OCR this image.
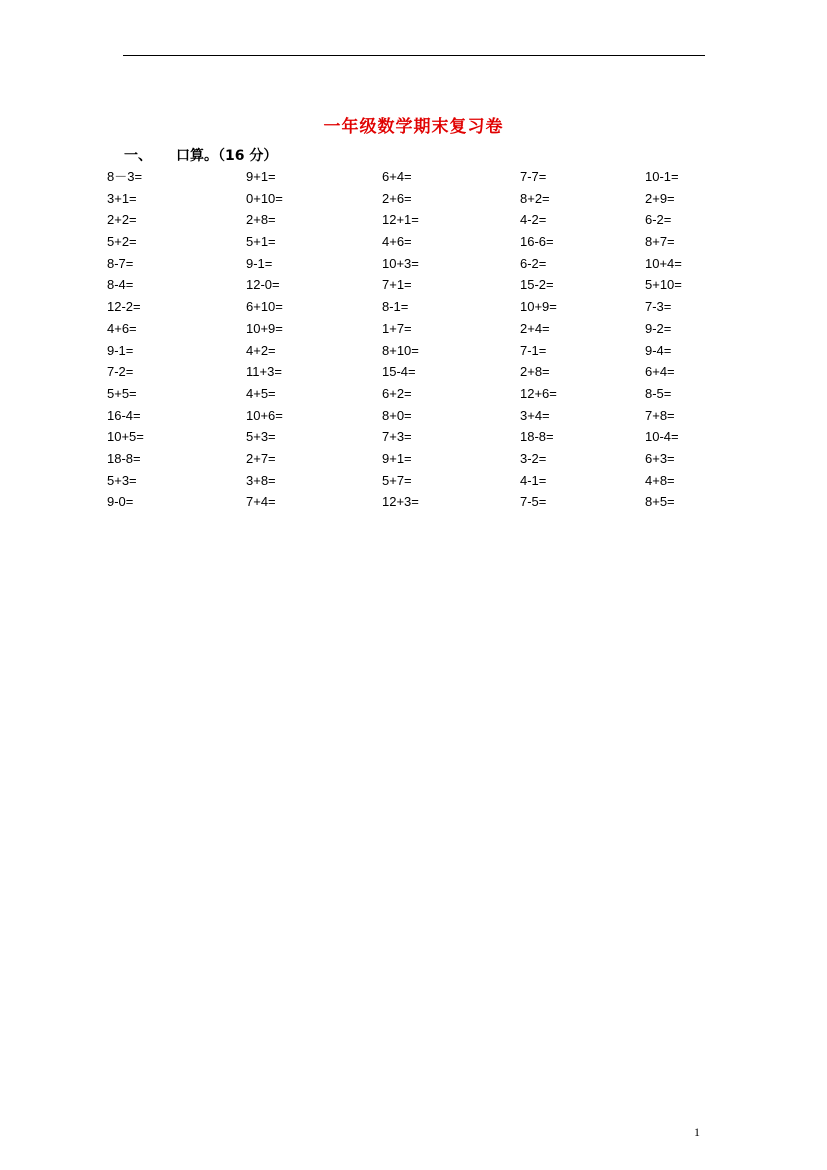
一年级数学期末复习卷
一、 口算。（16 分）
8－3=	9+1=	6+4=	7-7=	10-1=
3+1=	0+10=	2+6=	8+2=	2+9=
2+2=	2+8=	12+1=	4-2=	6-2=
5+2=	5+1=	4+6=	16-6=	8+7=
8-7=	9-1=	10+3=	6-2=	10+4=
8-4=	12-0=	7+1=	15-2=	5+10=
12-2=	6+10=	8-1=	10+9=	7-3=
4+6=	10+9=	1+7=	2+4=	9-2=
9-1=	4+2=	8+10=	7-1=	9-4=
7-2=	11+3=	15-4=	2+8=	6+4=
5+5=	4+5=	6+2=	12+6=	8-5=
16-4=	10+6=	8+0=	3+4=	7+8=
10+5=	5+3=	7+3=	18-8=	10-4=
18-8=	2+7=	9+1=	3-2=	6+3=
5+3=	3+8=	5+7=	4-1=	4+8=
9-0=	7+4=	12+3=	7-5=	8+5=
1
